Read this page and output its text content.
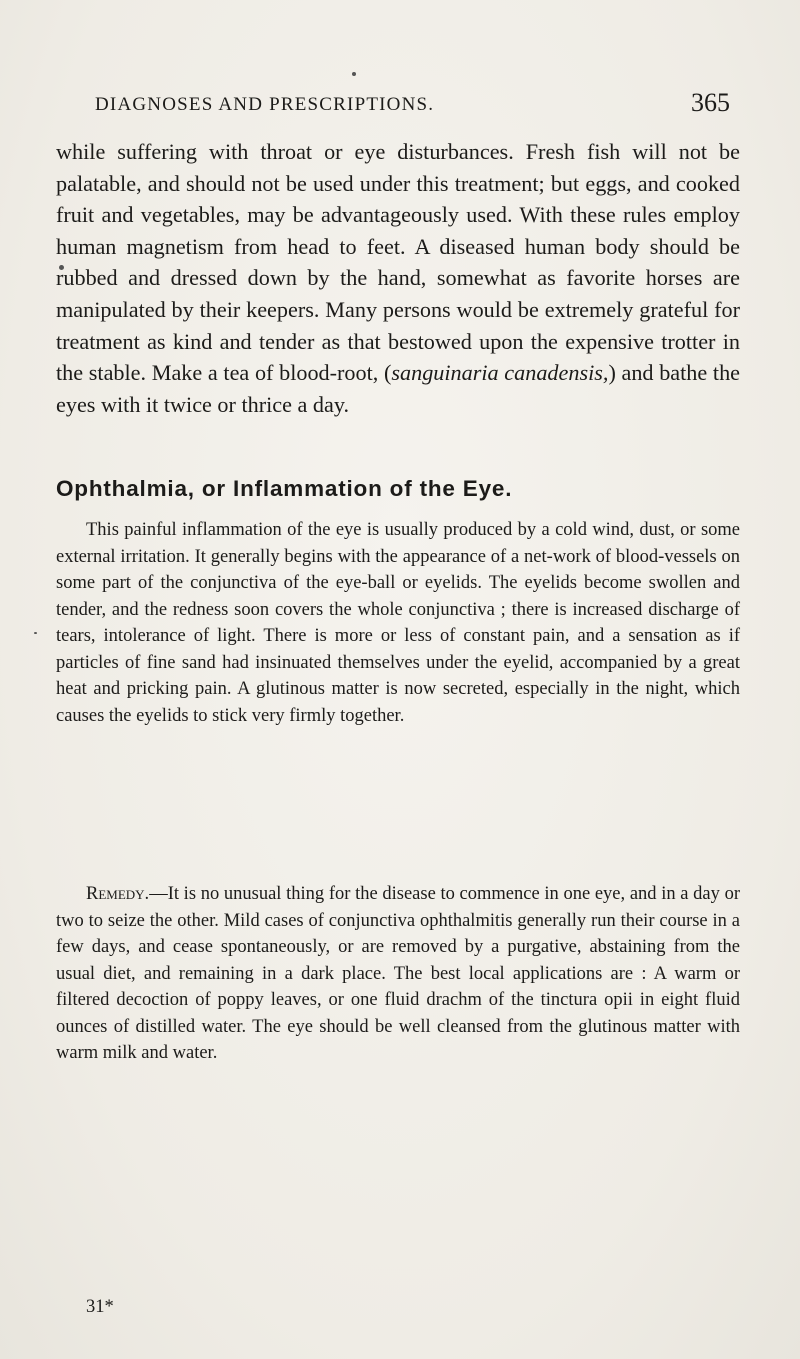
DIAGNOSES AND PRESCRIPTIONS.	365

while suffering with throat or eye disturbances. Fresh fish will not be palatable, and should not be used under this treatment; but eggs, and cooked fruit and vegetables, may be advantageously used. With these rules employ human magnetism from head to feet. A diseased human body should be rubbed and dressed down by the hand, somewhat as favorite horses are manipulated by their keepers. Many persons would be extremely grateful for treatment as kind and tender as that bestowed upon the expensive trotter in the stable. Make a tea of blood-root, (sanguinaria canadensis,) and bathe the eyes with it twice or thrice a day.

Ophthalmia, or Inflammation of the Eye.

This painful inflammation of the eye is usually produced by a cold wind, dust, or some external irritation. It generally begins with the appearance of a net-work of blood-vessels on some part of the conjunctiva of the eye-ball or eyelids. The eyelids become swollen and tender, and the redness soon covers the whole conjunctiva ; there is increased discharge of tears, intolerance of light. There is more or less of constant pain, and a sensation as if particles of fine sand had insinuated themselves under the eyelid, accompanied by a great heat and pricking pain. A glutinous matter is now secreted, especially in the night, which causes the eyelids to stick very firmly together.

Remedy.—It is no unusual thing for the disease to commence in one eye, and in a day or two to seize the other. Mild cases of conjunctiva ophthalmitis generally run their course in a few days, and cease spontaneously, or are removed by a purgative, abstaining from the usual diet, and remaining in a dark place. The best local applications are : A warm or filtered decoction of poppy leaves, or one fluid drachm of the tinctura opii in eight fluid ounces of distilled water. The eye should be well cleansed from the glutinous matter with warm milk and water.

31*
